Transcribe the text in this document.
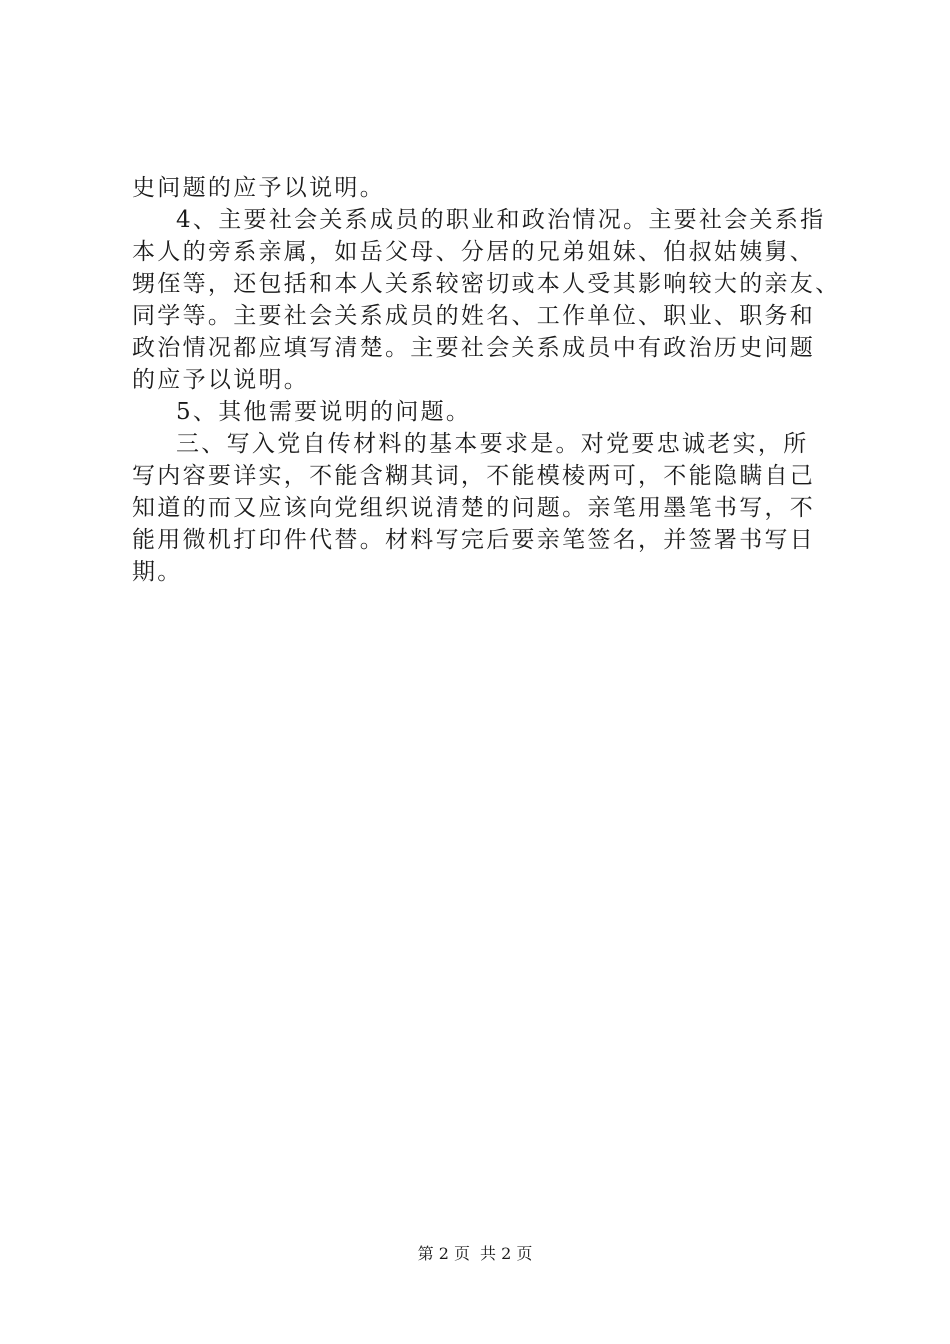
史问题的应予以说明。
4、主要社会关系成员的职业和政治情况。主要社会关系指
本人的旁系亲属，如岳父母、分居的兄弟姐妹、伯叔姑姨舅、
甥侄等，还包括和本人关系较密切或本人受其影响较大的亲友、
同学等。主要社会关系成员的姓名、工作单位、职业、职务和
政治情况都应填写清楚。主要社会关系成员中有政治历史问题
的应予以说明。
5、其他需要说明的问题。
三、写入党自传材料的基本要求是。对党要忠诚老实，所
写内容要详实，不能含糊其词，不能模棱两可，不能隐瞒自己
知道的而又应该向党组织说清楚的问题。亲笔用墨笔书写，不
能用微机打印件代替。材料写完后要亲笔签名，并签署书写日
期。
第 2 页 共 2 页
